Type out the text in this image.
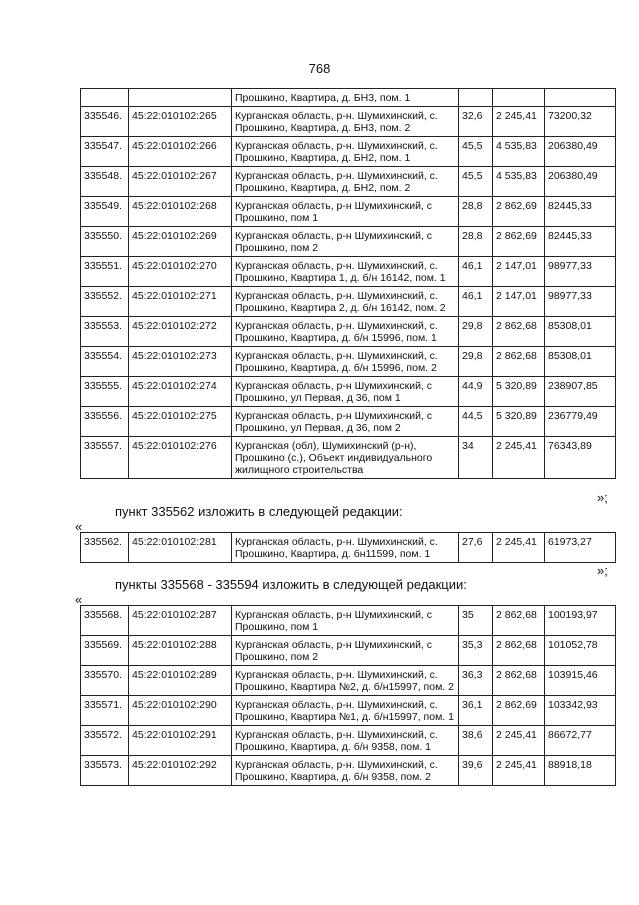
768
		Прошкино, Квартира, д. БН3, пом. 1			
335546.	45:22:010102:265	Курганская область, р-н. Шумихинский, с. Прошкино, Квартира, д. БН3, пом. 2	32,6	2 245,41	73200,32
335547.	45:22:010102:266	Курганская область, р-н. Шумихинский, с. Прошкино, Квартира, д. БН2, пом. 1	45,5	4 535,83	206380,49
335548.	45:22:010102:267	Курганская область, р-н. Шумихинский, с. Прошкино, Квартира, д. БН2, пом. 2	45,5	4 535,83	206380,49
335549.	45:22:010102:268	Курганская область, р-н Шумихинский, с Прошкино, пом 1	28,8	2 862,69	82445,33
335550.	45:22:010102:269	Курганская область, р-н Шумихинский, с Прошкино, пом 2	28,8	2 862,69	82445,33
335551.	45:22:010102:270	Курганская область, р-н. Шумихинский, с. Прошкино, Квартира 1, д. б/н 16142, пом. 1	46,1	2 147,01	98977,33
335552.	45:22:010102:271	Курганская область, р-н. Шумихинский, с. Прошкино, Квартира 2, д. б/н 16142, пом. 2	46,1	2 147,01	98977,33
335553.	45:22:010102:272	Курганская область, р-н. Шумихинский, с. Прошкино, Квартира, д. б/н 15996, пом. 1	29,8	2 862,68	85308,01
335554.	45:22:010102:273	Курганская область, р-н. Шумихинский, с. Прошкино, Квартира, д. б/н 15996, пом. 2	29,8	2 862,68	85308,01
335555.	45:22:010102:274	Курганская область, р-н Шумихинский, с Прошкино, ул Первая, д 36, пом 1	44,9	5 320,89	238907,85
335556.	45:22:010102:275	Курганская область, р-н Шумихинский, с Прошкино, ул Первая, д 36, пом 2	44,5	5 320,89	236779,49
335557.	45:22:010102:276	Курганская (обл), Шумихинский (р-н), Прошкино (с.), Объект индивидуального жилищного строительства	34	2 245,41	76343,89
»;
пункт 335562 изложить в следующей редакции:
«
335562.	45:22:010102:281	Курганская область, р-н. Шумихинский, с. Прошкино, Квартира, д. бн11599, пом. 1	27,6	2 245,41	61973,27
»;
пункты 335568 - 335594 изложить в следующей редакции:
«
335568.	45:22:010102:287	Курганская область, р-н Шумихинский, с Прошкино, пом 1	35	2 862,68	100193,97
335569.	45:22:010102:288	Курганская область, р-н Шумихинский, с Прошкино, пом 2	35,3	2 862,68	101052,78
335570.	45:22:010102:289	Курганская область, р-н. Шумихинский, с. Прошкино, Квартира №2, д. б/н15997, пом. 2	36,3	2 862,68	103915,46
335571.	45:22:010102:290	Курганская область, р-н. Шумихинский, с. Прошкино, Квартира №1, д. б/н15997, пом. 1	36,1	2 862,69	103342,93
335572.	45:22:010102:291	Курганская область, р-н. Шумихинский, с. Прошкино, Квартира, д. б/н 9358, пом. 1	38,6	2 245,41	86672,77
335573.	45:22:010102:292	Курганская область, р-н. Шумихинский, с. Прошкино, Квартира, д. б/н 9358, пом. 2	39,6	2 245,41	88918,18
